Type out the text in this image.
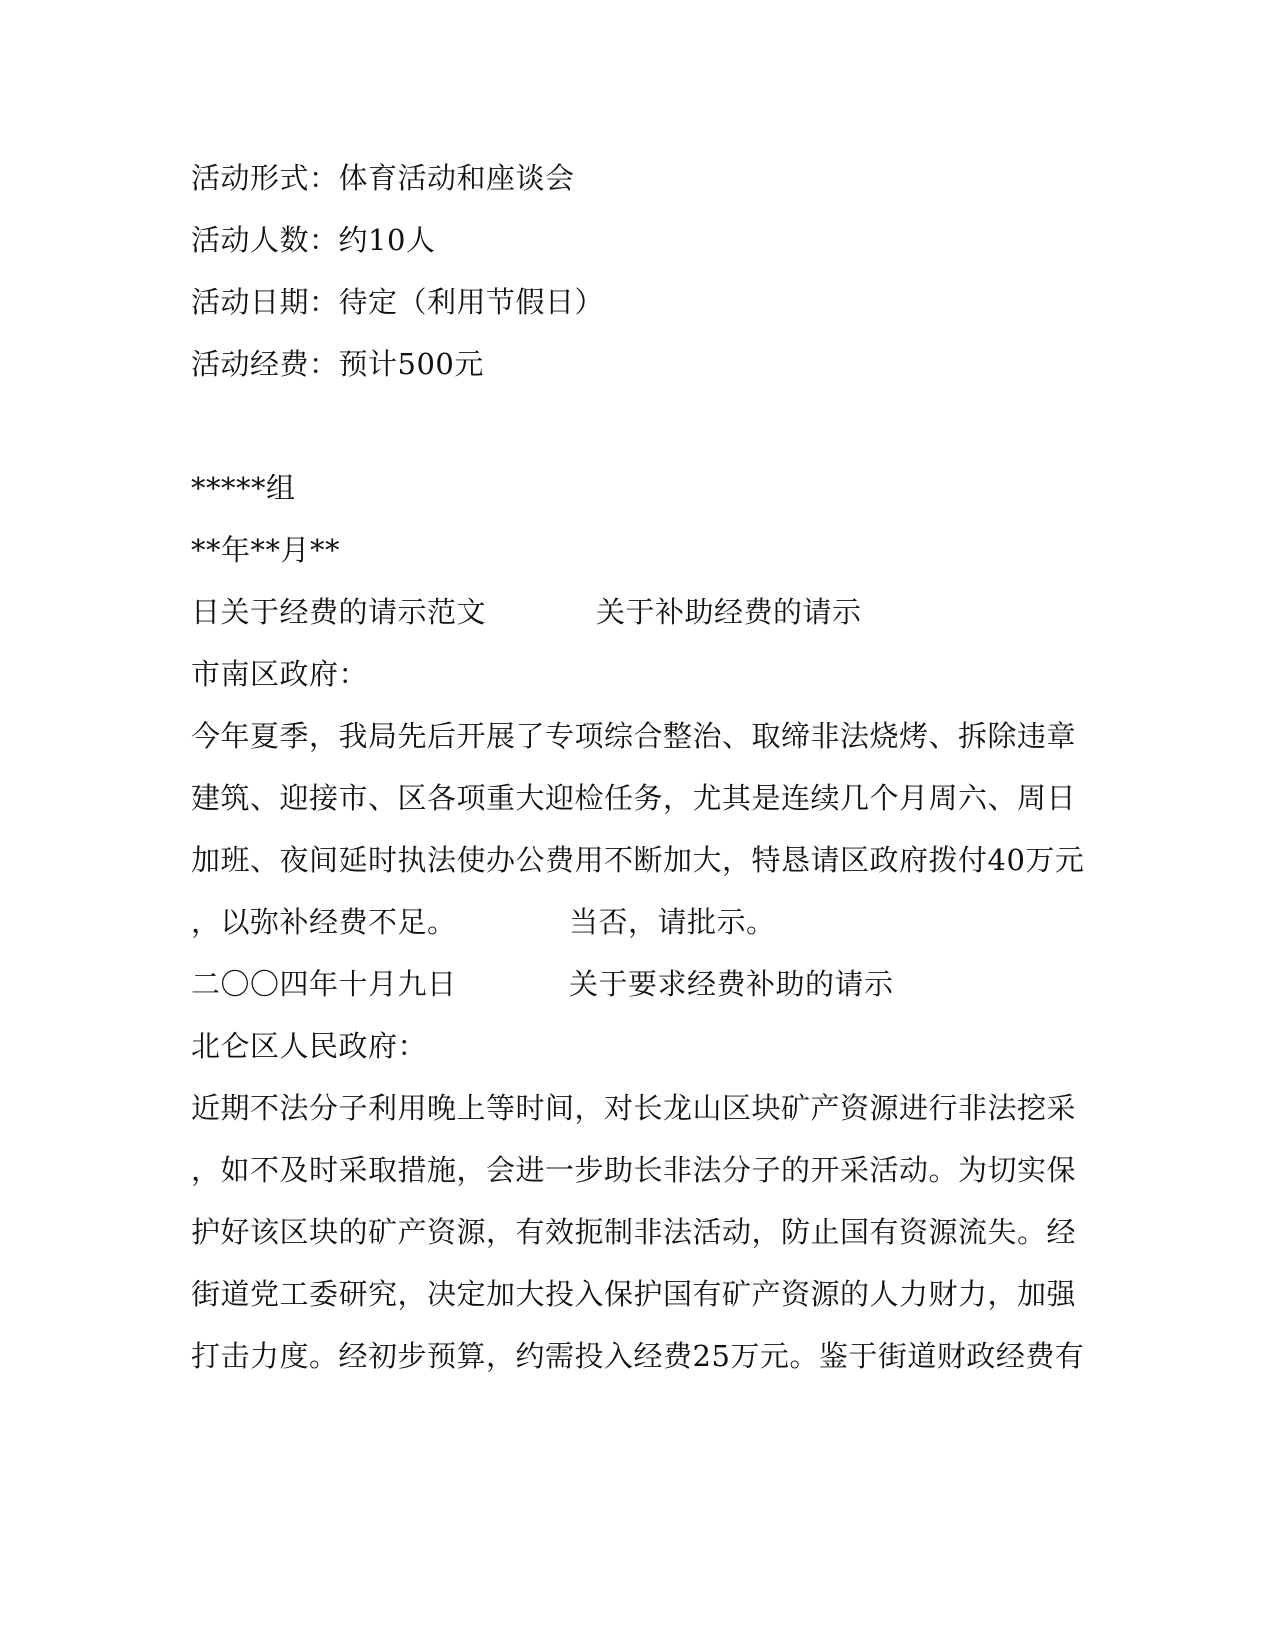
活动形式：体育活动和座谈会
活动人数：约10人
活动日期：待定（利用节假日）
活动经费：预计500元
*****组
**年**月**
日关于经费的请示范文	关于补助经费的请示
市南区政府：
今年夏季，我局先后开展了专项综合整治、取缔非法烧烤、拆除违章
建筑、迎接市、区各项重大迎检任务，尤其是连续几个月周六、周日
加班、夜间延时执法使办公费用不断加大，特恳请区政府拨付40万元
，以弥补经费不足。	当否，请批示。
二〇〇四年十月九日	关于要求经费补助的请示
北仑区人民政府：
近期不法分子利用晚上等时间，对长龙山区块矿产资源进行非法挖采
，如不及时采取措施，会进一步助长非法分子的开采活动。为切实保
护好该区块的矿产资源，有效扼制非法活动，防止国有资源流失。经
街道党工委研究，决定加大投入保护国有矿产资源的人力财力，加强
打击力度。经初步预算，约需投入经费25万元。鉴于街道财政经费有
